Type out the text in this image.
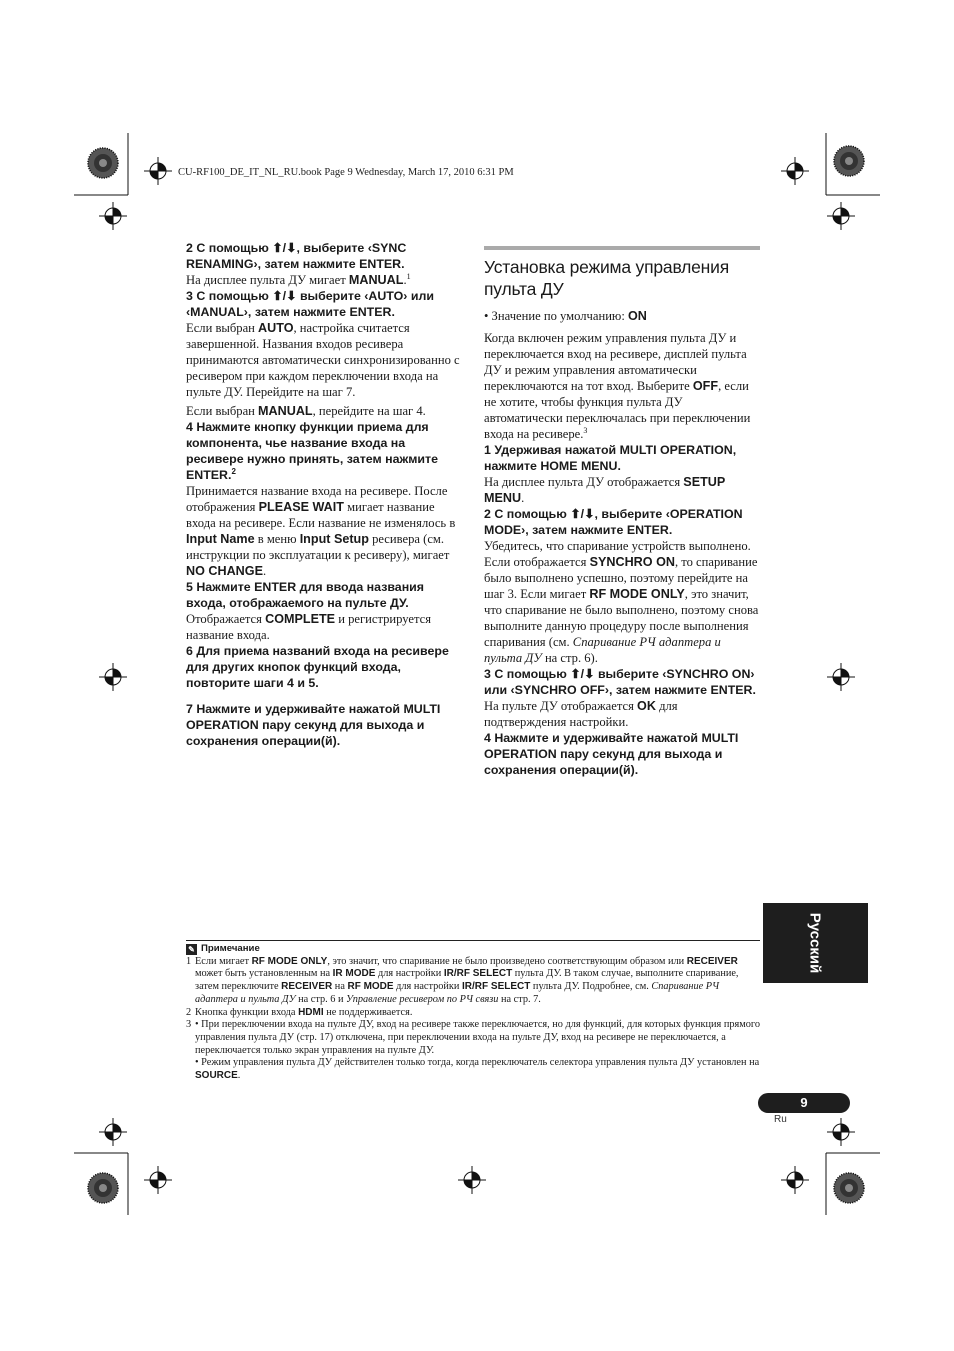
CU-RF100_DE_IT_NL_RU.book Page 9 Wednesday, March 17, 2010 6:31 PM

2 С помощью ⬆/⬇, выберите ‹SYNC RENAMING›, затем нажмите ENTER.

На дисплее пульта ДУ мигает MANUAL.$^1$

3 С помощью ⬆/⬇ выберите ‹AUTO› или ‹MANUAL›, затем нажмите ENTER.

Если выбран AUTO, настройка считается завершенной. Названия входов ресивера принимаются автоматически синхронизированно с ресивером при каждом переключении входа на пульте ДУ. Перейдите на шаг 7.

Если выбран MANUAL, перейдите на шаг 4.

4 Нажмите кнопку функции приема для компонента, чье название входа на ресивере нужно принять, затем нажмите ENTER.$^2$

Принимается название входа на ресивере. После отображения PLEASE WAIT мигает название входа на ресивере. Если название не изменялось в Input Name в меню Input Setup ресивера (см. инструкции по эксплуатации к ресиверу), мигает NO CHANGE.

5 Нажмите ENTER для ввода названия входа, отображаемого на пульте ДУ.

Отображается COMPLETE и регистрируется название входа.

6 Для приема названий входа на ресивере для других кнопок функций входа, повторите шаги 4 и 5.

7 Нажмите и удерживайте нажатой MULTI OPERATION пару секунд для выхода и сохранения операции(й).

Установка режима управления пульта ДУ

• Значение по умолчанию: ON

Когда включен режим управления пульта ДУ и переключается вход на ресивере, дисплей пульта ДУ и режим управления автоматически переключаются на тот вход. Выберите OFF, если не хотите, чтобы функция пульта ДУ автоматически переключалась при переключении входа на ресивере.$^3$

1 Удерживая нажатой MULTI OPERATION, нажмите HOME MENU.

На дисплее пульта ДУ отображается SETUP MENU.

2 С помощью ⬆/⬇, выберите ‹OPERATION MODE›, затем нажмите ENTER.

Убедитесь, что спаривание устройств выполнено. Если отображается SYNCHRO ON, то спаривание было выполнено успешно, поэтому перейдите на шаг 3. Если мигает RF MODE ONLY, это значит, что спаривание не было выполнено, поэтому снова выполните данную процедуру после выполнения спаривания (см. Спаривание РЧ адаптера и пульта ДУ на стр. 6).

3 С помощью ⬆/⬇ выберите ‹SYNCHRO ON› или ‹SYNCHRO OFF›, затем нажмите ENTER.

На пульте ДУ отображается OK для подтверждения настройки.

4 Нажмите и удерживайте нажатой MULTI OPERATION пару секунд для выхода и сохранения операции(й).

Русский
✎ Примечание
1 Если мигает RF MODE ONLY, это значит, что спаривание не было произведено соответствующим образом или RECEIVER может быть установленным на IR MODE для настройки IR/RF SELECT пульта ДУ. В таком случае, выполните спаривание, затем переключите RECEIVER на RF MODE для настройки IR/RF SELECT пульта ДУ. Подробнее, см. Спаривание РЧ адаптера и пульта ДУ на стр. 6 и Управление ресивером по РЧ связи на стр. 7.
2 Кнопка функции входа HDMI не поддерживается.
3 • При переключении входа на пульте ДУ, вход на ресивере также переключается, но для функций, для которых функция прямого управления пульта ДУ (стр. 17) отключена, при переключении входа на пульте ДУ, вход на ресивере не переключается, а переключается только экран управления на пульте ДУ.
• Режим управления пульта ДУ действителен только тогда, когда переключатель селектора управления пульта ДУ установлен на SOURCE.
9
Ru
